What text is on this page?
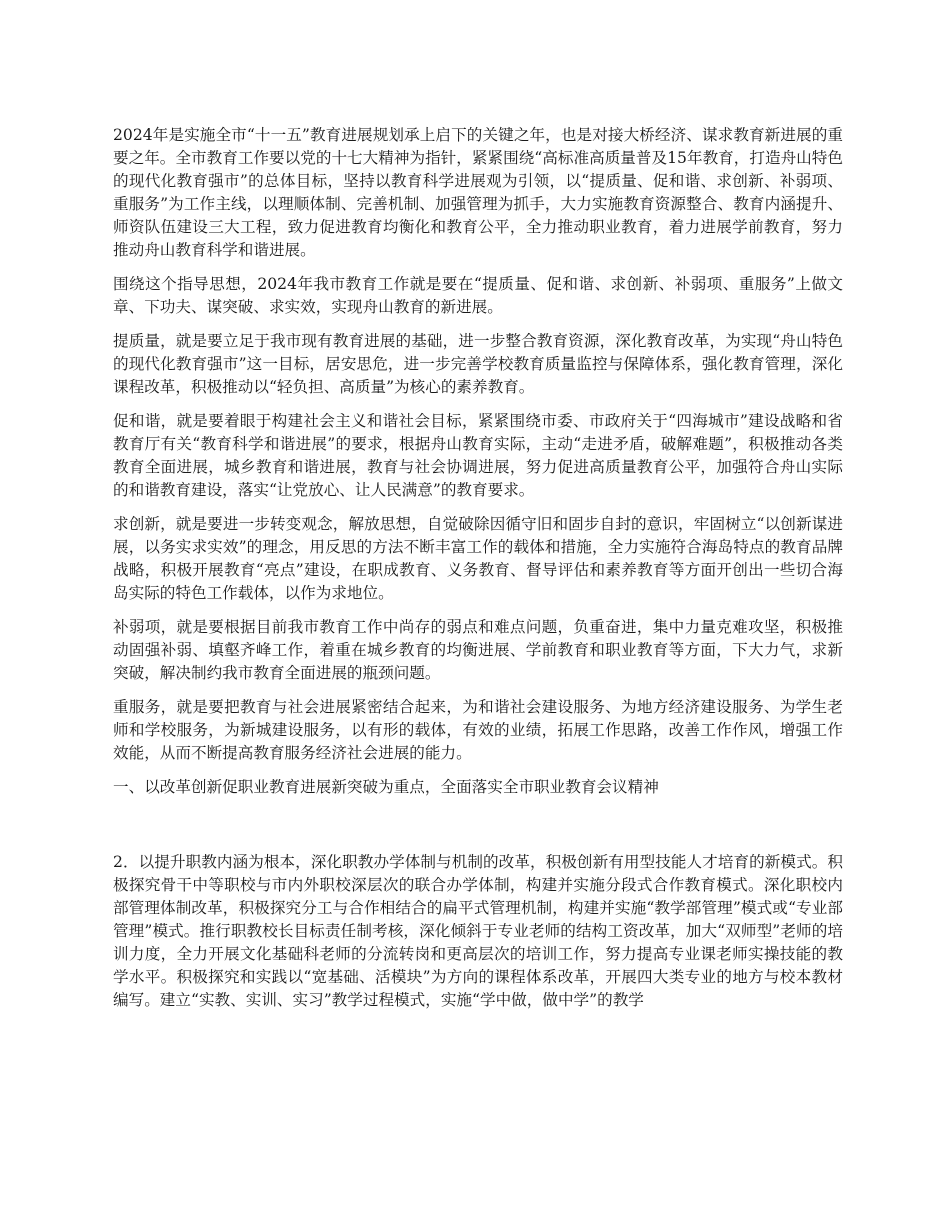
2024年是实施全市“十一五”教育进展规划承上启下的关键之年，也是对接大桥经济、谋求教育新进展的重要之年。全市教育工作要以党的十七大精神为指针，紧紧围绕“高标准高质量普及15年教育，打造舟山特色的现代化教育强市”的总体目标，坚持以教育科学进展观为引领，以“提质量、促和谐、求创新、补弱项、重服务”为工作主线，以理顺体制、完善机制、加强管理为抓手，大力实施教育资源整合、教育内涵提升、师资队伍建设三大工程，致力促进教育均衡化和教育公平，全力推动职业教育，着力进展学前教育，努力推动舟山教育科学和谐进展。

围绕这个指导思想，2024年我市教育工作就是要在“提质量、促和谐、求创新、补弱项、重服务”上做文章、下功夫、谋突破、求实效，实现舟山教育的新进展。

提质量，就是要立足于我市现有教育进展的基础，进一步整合教育资源，深化教育改革，为实现“舟山特色的现代化教育强市”这一目标，居安思危，进一步完善学校教育质量监控与保障体系，强化教育管理，深化课程改革，积极推动以“轻负担、高质量”为核心的素养教育。

促和谐，就是要着眼于构建社会主义和谐社会目标，紧紧围绕市委、市政府关于“四海城市”建设战略和省教育厅有关“教育科学和谐进展”的要求，根据舟山教育实际，主动“走进矛盾，破解难题”，积极推动各类教育全面进展，城乡教育和谐进展，教育与社会协调进展，努力促进高质量教育公平，加强符合舟山实际的和谐教育建设，落实“让党放心、让人民满意”的教育要求。

求创新，就是要进一步转变观念，解放思想，自觉破除因循守旧和固步自封的意识，牢固树立“以创新谋进展，以务实求实效”的理念，用反思的方法不断丰富工作的载体和措施，全力实施符合海岛特点的教育品牌战略，积极开展教育“亮点”建设，在职成教育、义务教育、督导评估和素养教育等方面开创出一些切合海岛实际的特色工作载体，以作为求地位。

补弱项，就是要根据目前我市教育工作中尚存的弱点和难点问题，负重奋进，集中力量克难攻坚，积极推动固强补弱、填壑齐峰工作，着重在城乡教育的均衡进展、学前教育和职业教育等方面，下大力气，求新突破，解决制约我市教育全面进展的瓶颈问题。

重服务，就是要把教育与社会进展紧密结合起来，为和谐社会建设服务、为地方经济建设服务、为学生老师和学校服务，为新城建设服务，以有形的载体，有效的业绩，拓展工作思路，改善工作作风，增强工作效能，从而不断提高教育服务经济社会进展的能力。

一、以改革创新促职业教育进展新突破为重点，全面落实全市职业教育会议精神

2．以提升职教内涵为根本，深化职教办学体制与机制的改革，积极创新有用型技能人才培育的新模式。积极探究骨干中等职校与市内外职校深层次的联合办学体制，构建并实施分段式合作教育模式。深化职校内部管理体制改革，积极探究分工与合作相结合的扁平式管理机制，构建并实施“教学部管理”模式或“专业部管理”模式。推行职教校长目标责任制考核，深化倾斜于专业老师的结构工资改革，加大“双师型”老师的培训力度，全力开展文化基础科老师的分流转岗和更高层次的培训工作，努力提高专业课老师实操技能的教学水平。积极探究和实践以“宽基础、活模块”为方向的课程体系改革，开展四大类专业的地方与校本教材编写。建立“实教、实训、实习”教学过程模式，实施“学中做，做中学”的教学
